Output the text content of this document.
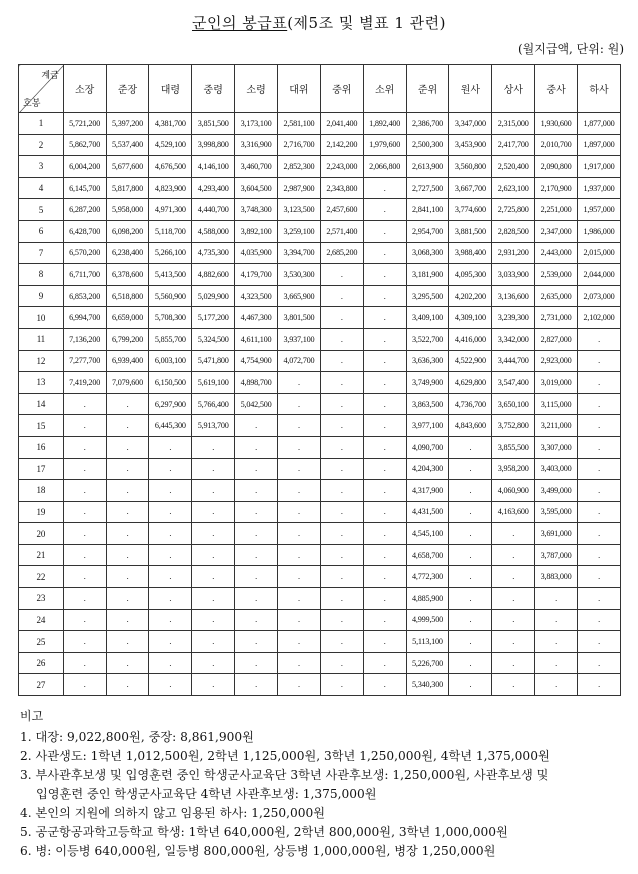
군인의 봉급표(제5조 및 별표 1 관련)
(월지급액, 단위: 원)
계급
호봉	소장	준장	대령	중령	소령	대위	중위	소위	준위	원사	상사	중사	하사
1	5,721,200	5,397,200	4,381,700	3,851,500	3,173,100	2,581,100	2,041,400	1,892,400	2,386,700	3,347,000	2,315,000	1,930,600	1,877,000
2	5,862,700	5,537,400	4,529,100	3,998,800	3,316,900	2,716,700	2,142,200	1,979,600	2,500,300	3,453,900	2,417,700	2,010,700	1,897,000
3	6,004,200	5,677,600	4,676,500	4,146,100	3,460,700	2,852,300	2,243,000	2,066,800	2,613,900	3,560,800	2,520,400	2,090,800	1,917,000
4	6,145,700	5,817,800	4,823,900	4,293,400	3,604,500	2,987,900	2,343,800	.	2,727,500	3,667,700	2,623,100	2,170,900	1,937,000
5	6,287,200	5,958,000	4,971,300	4,440,700	3,748,300	3,123,500	2,457,600	.	2,841,100	3,774,600	2,725,800	2,251,000	1,957,000
6	6,428,700	6,098,200	5,118,700	4,588,000	3,892,100	3,259,100	2,571,400	.	2,954,700	3,881,500	2,828,500	2,347,000	1,986,000
7	6,570,200	6,238,400	5,266,100	4,735,300	4,035,900	3,394,700	2,685,200	.	3,068,300	3,988,400	2,931,200	2,443,000	2,015,000
8	6,711,700	6,378,600	5,413,500	4,882,600	4,179,700	3,530,300	.	.	3,181,900	4,095,300	3,033,900	2,539,000	2,044,000
9	6,853,200	6,518,800	5,560,900	5,029,900	4,323,500	3,665,900	.	.	3,295,500	4,202,200	3,136,600	2,635,000	2,073,000
10	6,994,700	6,659,000	5,708,300	5,177,200	4,467,300	3,801,500	.	.	3,409,100	4,309,100	3,239,300	2,731,000	2,102,000
11	7,136,200	6,799,200	5,855,700	5,324,500	4,611,100	3,937,100	.	.	3,522,700	4,416,000	3,342,000	2,827,000	.
12	7,277,700	6,939,400	6,003,100	5,471,800	4,754,900	4,072,700	.	.	3,636,300	4,522,900	3,444,700	2,923,000	.
13	7,419,200	7,079,600	6,150,500	5,619,100	4,898,700	.	.	.	3,749,900	4,629,800	3,547,400	3,019,000	.
14	.	.	6,297,900	5,766,400	5,042,500	.	.	.	3,863,500	4,736,700	3,650,100	3,115,000	.
15	.	.	6,445,300	5,913,700	.	.	.	.	3,977,100	4,843,600	3,752,800	3,211,000	.
16	.	.	.	.	.	.	.	.	4,090,700	.	3,855,500	3,307,000	.
17	.	.	.	.	.	.	.	.	4,204,300	.	3,958,200	3,403,000	.
18	.	.	.	.	.	.	.	.	4,317,900	.	4,060,900	3,499,000	.
19	.	.	.	.	.	.	.	.	4,431,500	.	4,163,600	3,595,000	.
20	.	.	.	.	.	.	.	.	4,545,100	.	.	3,691,000	.
21	.	.	.	.	.	.	.	.	4,658,700	.	.	3,787,000	.
22	.	.	.	.	.	.	.	.	4,772,300	.	.	3,883,000	.
23	.	.	.	.	.	.	.	.	4,885,900	.	.	.	.
24	.	.	.	.	.	.	.	.	4,999,500	.	.	.	.
25	.	.	.	.	.	.	.	.	5,113,100	.	.	.	.
26	.	.	.	.	.	.	.	.	5,226,700	.	.	.	.
27	.	.	.	.	.	.	.	.	5,340,300	.	.	.	.
비고
1. 대장: 9,022,800원, 중장: 8,861,900원
2. 사관생도: 1학년 1,012,500원, 2학년 1,125,000원, 3학년 1,250,000원, 4학년 1,375,000원
3. 부사관후보생 및 입영훈련 중인 학생군사교육단 3학년 사관후보생: 1,250,000원, 사관후보생 및
입영훈련 중인 학생군사교육단 4학년 사관후보생: 1,375,000원
4. 본인의 지원에 의하지 않고 임용된 하사: 1,250,000원
5. 공군항공과학고등학교 학생: 1학년 640,000원, 2학년 800,000원, 3학년 1,000,000원
6. 병: 이등병 640,000원, 일등병 800,000원, 상등병 1,000,000원, 병장 1,250,000원
